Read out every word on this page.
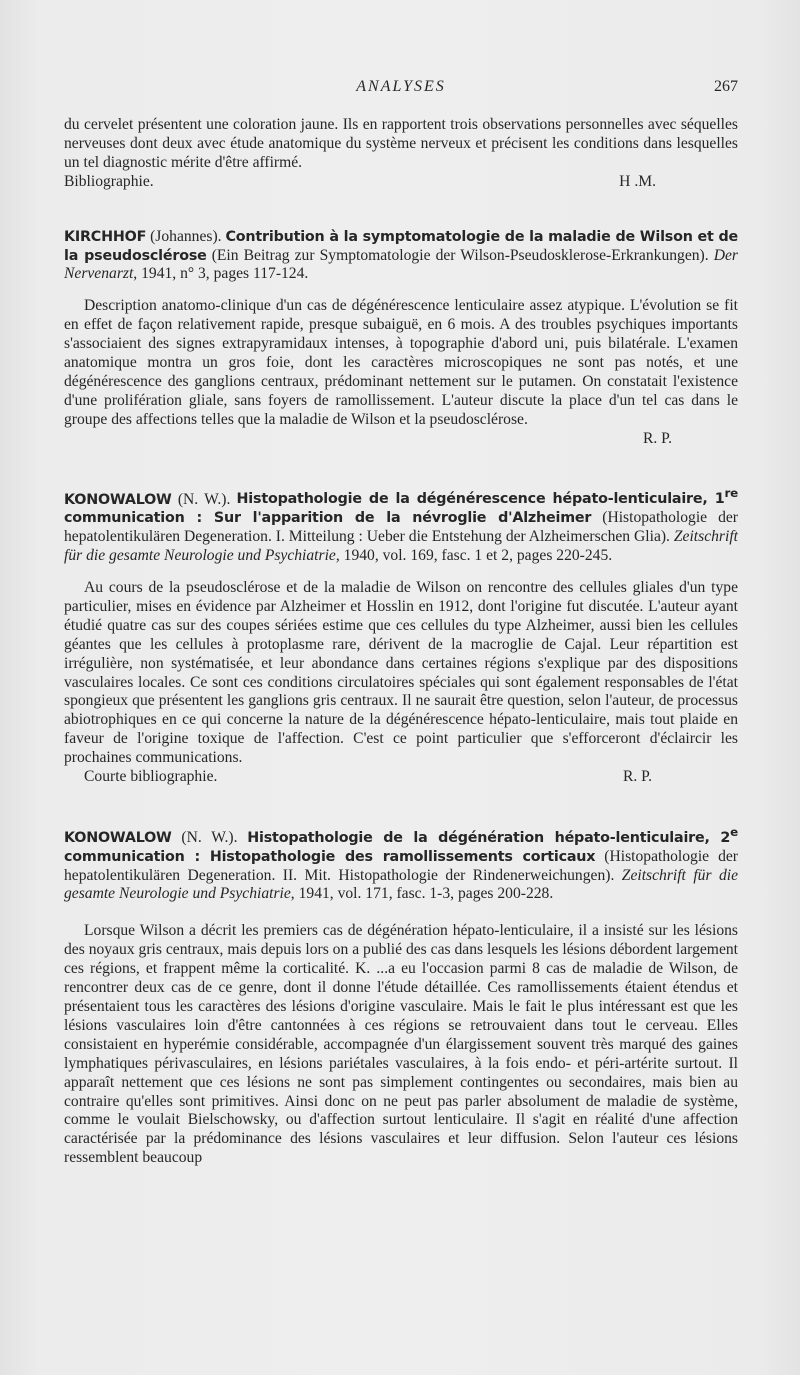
ANALYSES	267

du cervelet présentent une coloration jaune. Ils en rapportent trois observations personnelles avec séquelles nerveuses dont deux avec étude anatomique du système nerveux et précisent les conditions dans lesquelles un tel diagnostic mérite d'être affirmé.

Bibliographie.	H .M.

KIRCHHOF (Johannes). Contribution à la symptomatologie de la maladie de Wilson et de la pseudosclérose (Ein Beitrag zur Symptomatologie der Wilson-Pseudosklerose-Erkrankungen). Der Nervenarzt, 1941, n° 3, pages 117-124.

Description anatomo-clinique d'un cas de dégénérescence lenticulaire assez atypique. L'évolution se fit en effet de façon relativement rapide, presque subaiguë, en 6 mois. A des troubles psychiques importants s'associaient des signes extrapyramidaux intenses, à topographie d'abord uni, puis bilatérale. L'examen anatomique montra un gros foie, dont les caractères microscopiques ne sont pas notés, et une dégénérescence des ganglions centraux, prédominant nettement sur le putamen. On constatait l'existence d'une prolifération gliale, sans foyers de ramollissement. L'auteur discute la place d'un tel cas dans le groupe des affections telles que la maladie de Wilson et la pseudosclérose.

R. P.

KONOWALOW (N. W.). Histopathologie de la dégénérescence hépato-lenticulaire, 1re communication : Sur l'apparition de la névroglie d'Alzheimer (Histopathologie der hepatolentikulären Degeneration. I. Mitteilung : Ueber die Entstehung der Alzheimerschen Glia). Zeitschrift für die gesamte Neurologie und Psychiatrie, 1940, vol. 169, fasc. 1 et 2, pages 220-245.

Au cours de la pseudosclérose et de la maladie de Wilson on rencontre des cellules gliales d'un type particulier, mises en évidence par Alzheimer et Hosslin en 1912, dont l'origine fut discutée. L'auteur ayant étudié quatre cas sur des coupes sériées estime que ces cellules du type Alzheimer, aussi bien les cellules géantes que les cellules à protoplasme rare, dérivent de la macroglie de Cajal. Leur répartition est irrégulière, non systématisée, et leur abondance dans certaines régions s'explique par des dispositions vasculaires locales. Ce sont ces conditions circulatoires spéciales qui sont également responsables de l'état spongieux que présentent les ganglions gris centraux. Il ne saurait être question, selon l'auteur, de processus abiotrophiques en ce qui concerne la nature de la dégénérescence hépato-lenticulaire, mais tout plaide en faveur de l'origine toxique de l'affection. C'est ce point particulier que s'efforceront d'éclaircir les prochaines communications.

Courte bibliographie.	R. P.

KONOWALOW (N. W.). Histopathologie de la dégénération hépato-lenticulaire, 2e communication : Histopathologie des ramollissements corticaux (Histopathologie der hepatolentikulären Degeneration. II. Mit. Histopathologie der Rindenerweichungen). Zeitschrift für die gesamte Neurologie und Psychiatrie, 1941, vol. 171, fasc. 1-3, pages 200-228.

Lorsque Wilson a décrit les premiers cas de dégénération hépato-lenticulaire, il a insisté sur les lésions des noyaux gris centraux, mais depuis lors on a publié des cas dans lesquels les lésions débordent largement ces régions, et frappent même la corticalité. K. ...a eu l'occasion parmi 8 cas de maladie de Wilson, de rencontrer deux cas de ce genre, dont il donne l'étude détaillée. Ces ramollissements étaient étendus et présentaient tous les caractères des lésions d'origine vasculaire. Mais le fait le plus intéressant est que les lésions vasculaires loin d'être cantonnées à ces régions se retrouvaient dans tout le cerveau. Elles consistaient en hyperémie considérable, accompagnée d'un élargissement souvent très marqué des gaines lymphatiques périvasculaires, en lésions pariétales vasculaires, à la fois endo- et péri-artérite surtout. Il apparaît nettement que ces lésions ne sont pas simplement contingentes ou secondaires, mais bien au contraire qu'elles sont primitives. Ainsi donc on ne peut pas parler absolument de maladie de système, comme le voulait Bielschowsky, ou d'affection surtout lenticulaire. Il s'agit en réalité d'une affection caractérisée par la prédominance des lésions vasculaires et leur diffusion. Selon l'auteur ces lésions ressemblent beaucoup
